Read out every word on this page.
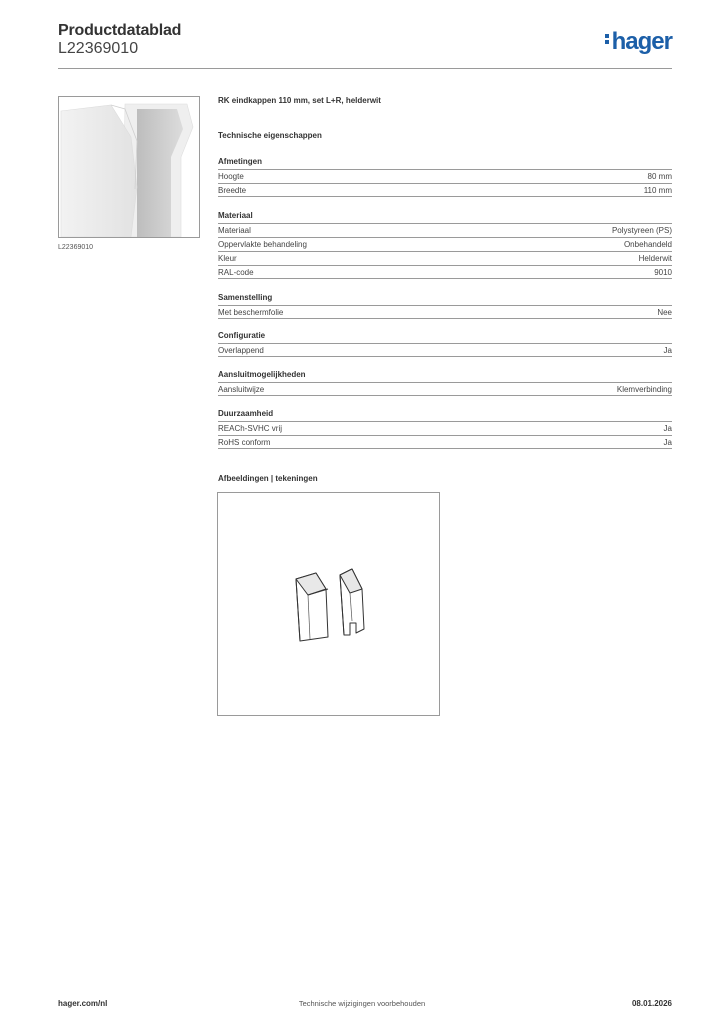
Productdatablad
L22369010	hager
L22369010
RK eindkappen 110 mm, set L+R, helderwit
Technische eigenschappen
Afmetingen
Hoogte	80 mm
Breedte	110 mm
Materiaal
Materiaal	Polystyreen (PS)
Oppervlakte behandeling	Onbehandeld
Kleur	Helderwit
RAL-code	9010
Samenstelling
Met beschermfolie	Nee
Configuratie
Overlappend	Ja
Aansluitmogelijkheden
Aansluitwijze	Klemverbinding
Duurzaamheid
REACh-SVHC vrij	Ja
RoHS conform	Ja
Afbeeldingen | tekeningen
hager.com/nl	Technische wijzigingen voorbehouden	08.01.2026
